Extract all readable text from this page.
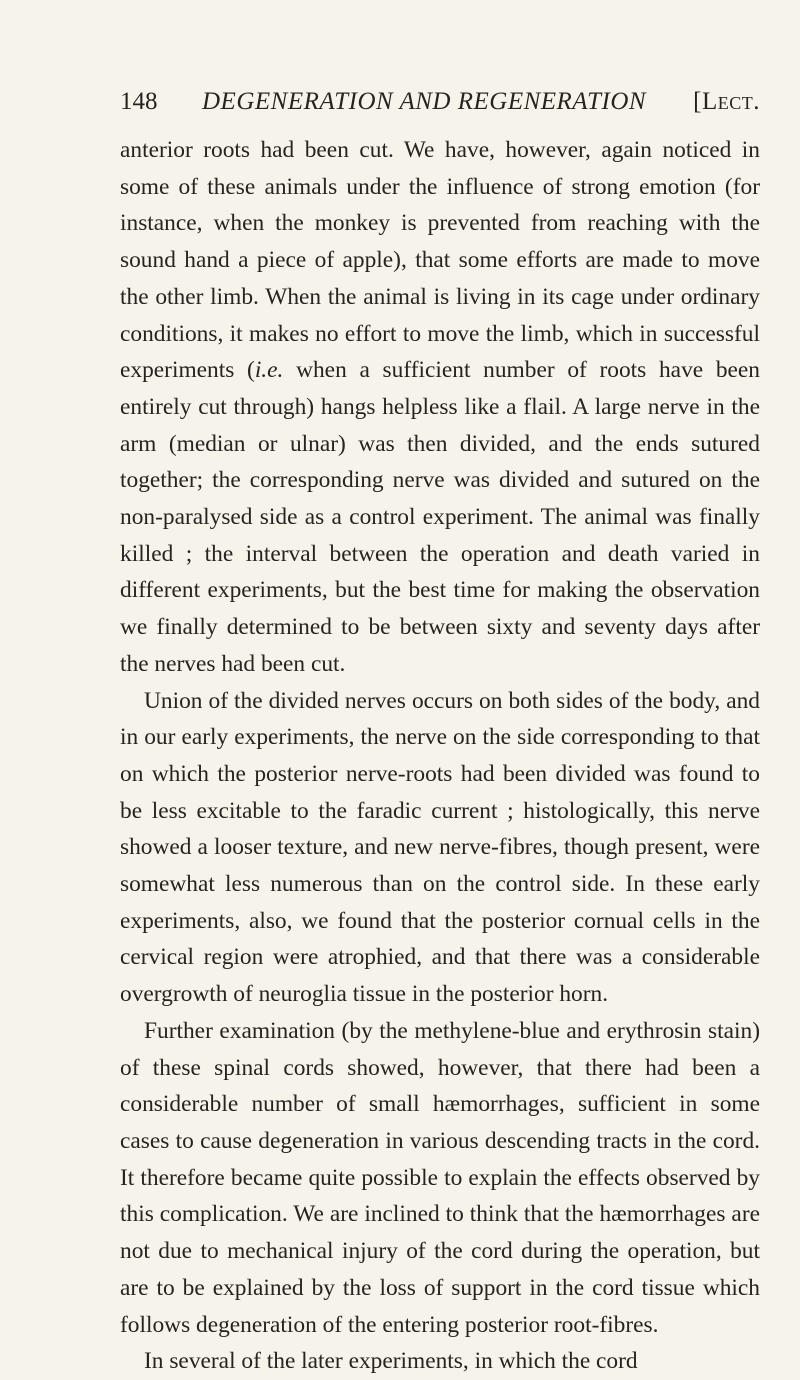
148 DEGENERATION AND REGENERATION [Lect.

anterior roots had been cut. We have, however, again noticed in some of these animals under the influence of strong emotion (for instance, when the monkey is prevented from reaching with the sound hand a piece of apple), that some efforts are made to move the other limb. When the animal is living in its cage under ordinary conditions, it makes no effort to move the limb, which in successful experiments (i.e. when a sufficient number of roots have been entirely cut through) hangs helpless like a flail. A large nerve in the arm (median or ulnar) was then divided, and the ends sutured together; the corresponding nerve was divided and sutured on the non-paralysed side as a control experiment. The animal was finally killed ; the interval between the operation and death varied in different experiments, but the best time for making the observation we finally determined to be between sixty and seventy days after the nerves had been cut.

Union of the divided nerves occurs on both sides of the body, and in our early experiments, the nerve on the side corresponding to that on which the posterior nerve-roots had been divided was found to be less excitable to the faradic current ; histologically, this nerve showed a looser texture, and new nerve-fibres, though present, were somewhat less numerous than on the control side. In these early experiments, also, we found that the posterior cornual cells in the cervical region were atrophied, and that there was a considerable overgrowth of neuroglia tissue in the posterior horn.

Further examination (by the methylene-blue and erythrosin stain) of these spinal cords showed, however, that there had been a considerable number of small hæmorrhages, sufficient in some cases to cause degeneration in various descending tracts in the cord. It therefore became quite possible to explain the effects observed by this complication. We are inclined to think that the hæmorrhages are not due to mechanical injury of the cord during the operation, but are to be explained by the loss of support in the cord tissue which follows degeneration of the entering posterior root-fibres.

In several of the later experiments, in which the cord
